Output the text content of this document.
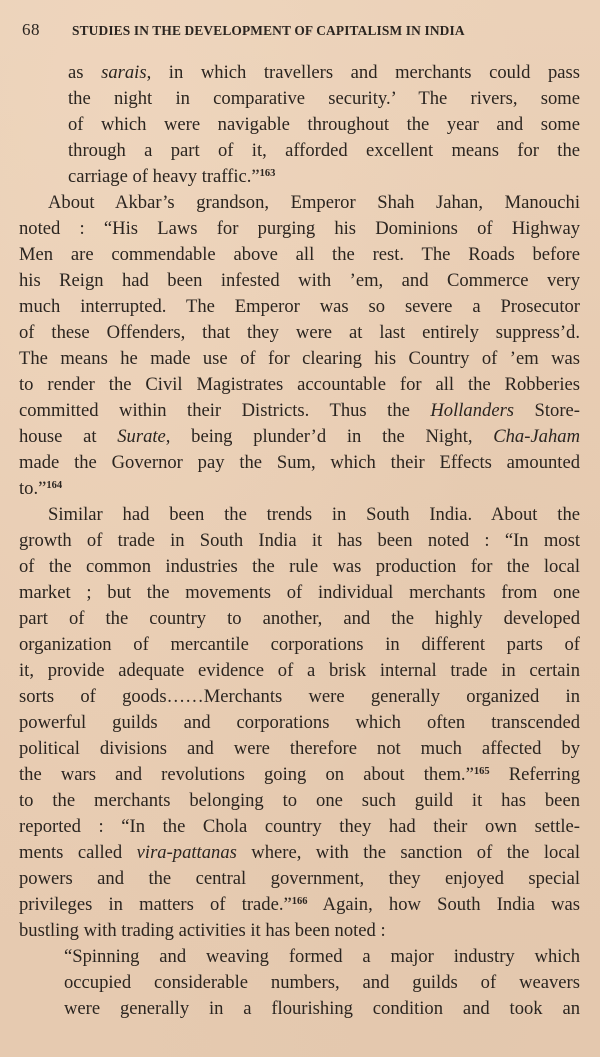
68 STUDIES IN THE DEVELOPMENT OF CAPITALISM IN INDIA
as sarais, in which travellers and merchants could pass
the night in comparative security.’ The rivers, some
of which were navigable throughout the year and some
through a part of it, afforded excellent means for the
carriage of heavy traffic.”$^{163}$
About Akbar’s grandson, Emperor Shah Jahan, Manouchi
noted : “His Laws for purging his Dominions of Highway
Men are commendable above all the rest. The Roads before
his Reign had been infested with ’em, and Commerce very
much interrupted. The Emperor was so severe a Prosecutor
of these Offenders, that they were at last entirely suppress’d.
The means he made use of for clearing his Country of ’em was
to render the Civil Magistrates accountable for all the Robberies
committed within their Districts. Thus the Hollanders Store-
house at Surate, being plunder’d in the Night, Cha-Jaham
made the Governor pay the Sum, which their Effects amounted
to.”$^{164}$
Similar had been the trends in South India. About the
growth of trade in South India it has been noted : “In most
of the common industries the rule was production for the local
market ; but the movements of individual merchants from one
part of the country to another, and the highly developed
organization of mercantile corporations in different parts of
it, provide adequate evidence of a brisk internal trade in certain
sorts of goods……Merchants were generally organized in
powerful guilds and corporations which often transcended
political divisions and were therefore not much affected by
the wars and revolutions going on about them.”$^{165}$ Referring
to the merchants belonging to one such guild it has been
reported : “In the Chola country they had their own settle-
ments called vira-pattanas where, with the sanction of the local
powers and the central government, they enjoyed special
privileges in matters of trade.”$^{166}$ Again, how South India was
bustling with trading activities it has been noted :
“Spinning and weaving formed a major industry which
occupied considerable numbers, and guilds of weavers
were generally in a flourishing condition and took an
